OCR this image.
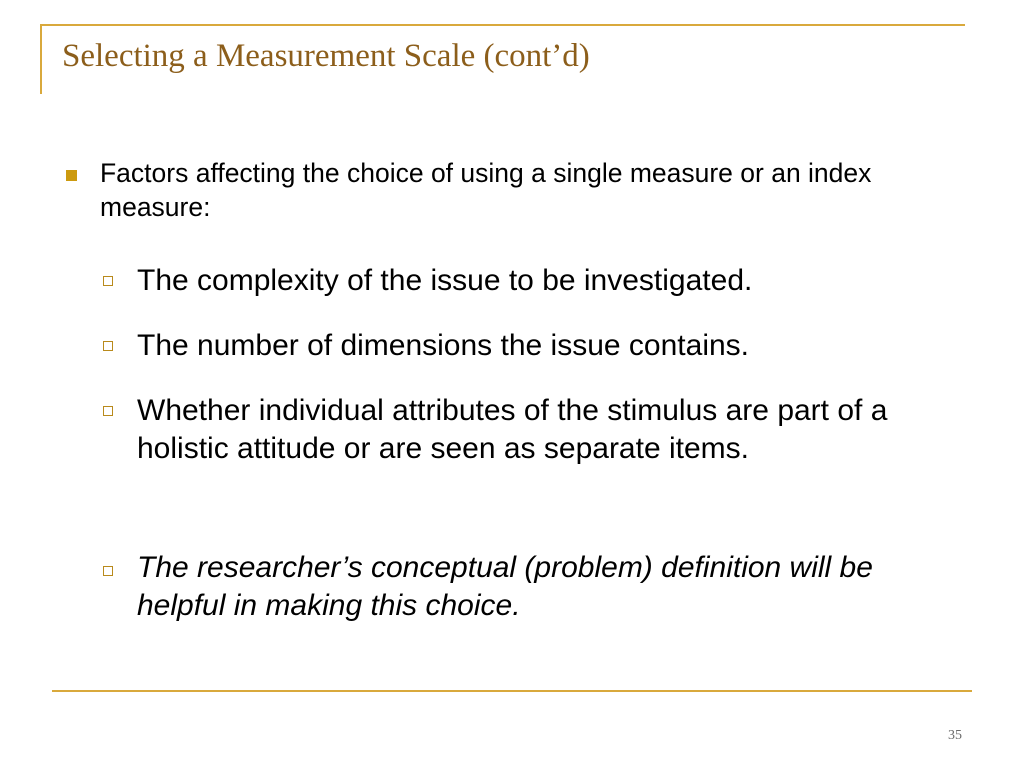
Selecting a Measurement Scale (cont’d)
Factors affecting the choice of using a single measure or an index measure:
The complexity of the issue to be investigated.
The number of dimensions the issue contains.
Whether individual attributes of the stimulus are part of a holistic attitude or are seen as separate items.
The researcher’s conceptual (problem) definition will be helpful in making this choice.
35
